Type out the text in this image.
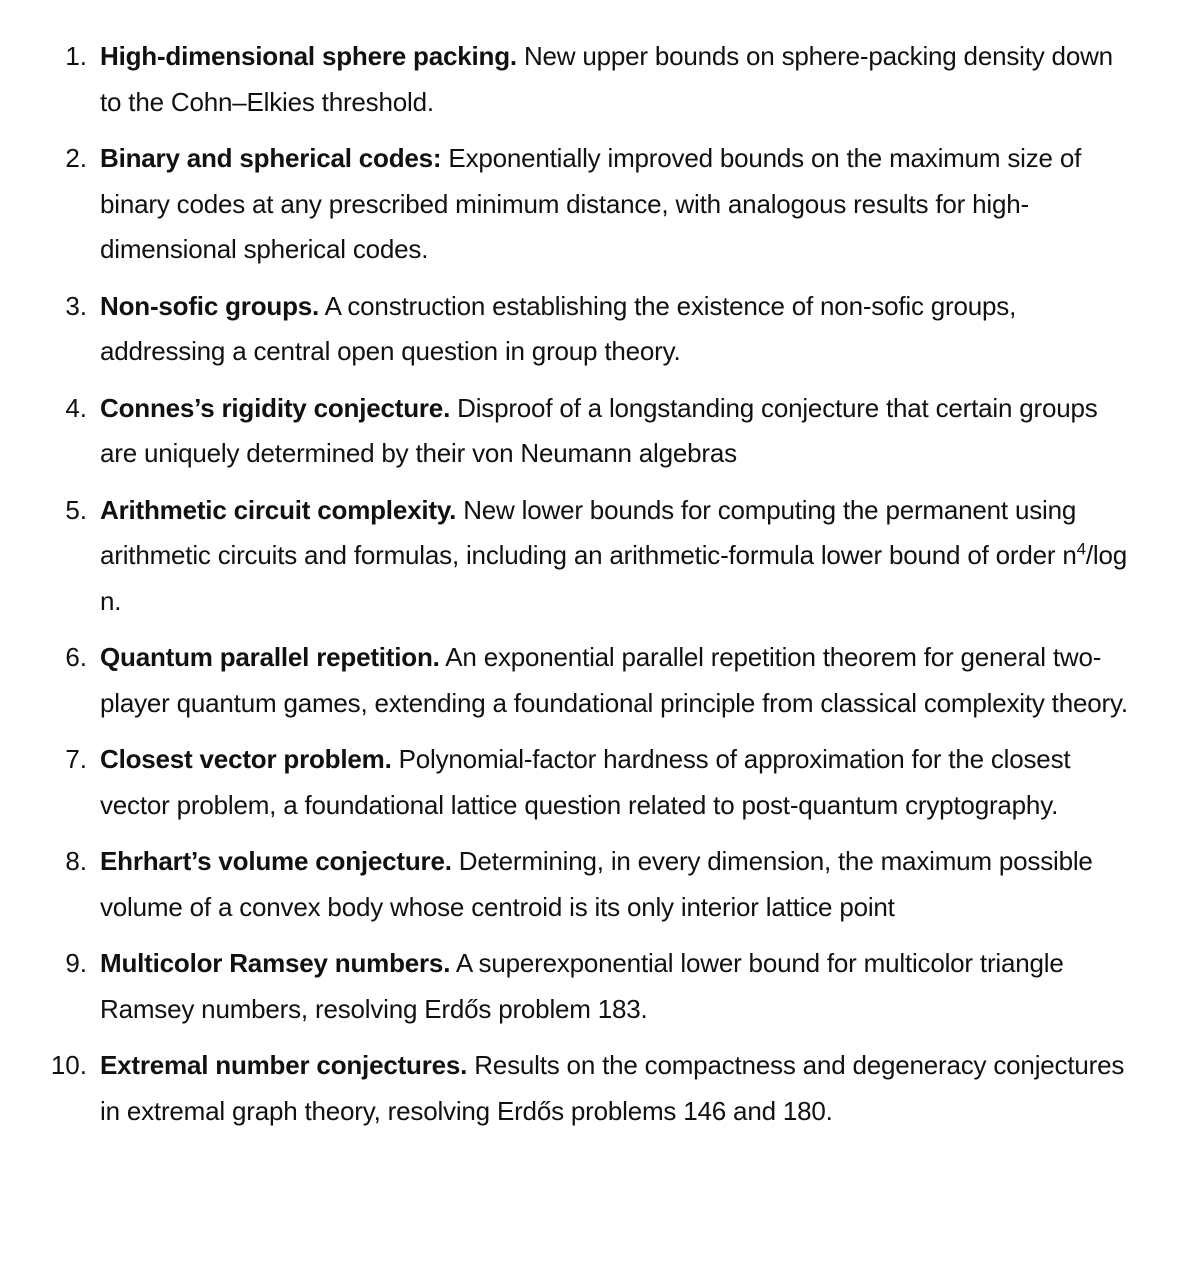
1. High-dimensional sphere packing. New upper bounds on sphere-packing density down to the Cohn–Elkies threshold.
2. Binary and spherical codes: Exponentially improved bounds on the maximum size of binary codes at any prescribed minimum distance, with analogous results for high-dimensional spherical codes.
3. Non-sofic groups. A construction establishing the existence of non-sofic groups, addressing a central open question in group theory.
4. Connes’s rigidity conjecture. Disproof of a longstanding conjecture that certain groups are uniquely determined by their von Neumann algebras
5. Arithmetic circuit complexity. New lower bounds for computing the permanent using arithmetic circuits and formulas, including an arithmetic-formula lower bound of order $n^4/\log$ n.
6. Quantum parallel repetition. An exponential parallel repetition theorem for general two-player quantum games, extending a foundational principle from classical complexity theory.
7. Closest vector problem. Polynomial-factor hardness of approximation for the closest vector problem, a foundational lattice question related to post-quantum cryptography.
8. Ehrhart’s volume conjecture. Determining, in every dimension, the maximum possible volume of a convex body whose centroid is its only interior lattice point
9. Multicolor Ramsey numbers. A superexponential lower bound for multicolor triangle Ramsey numbers, resolving Erdős problem 183.
10. Extremal number conjectures. Results on the compactness and degeneracy conjectures in extremal graph theory, resolving Erdős problems 146 and 180.
